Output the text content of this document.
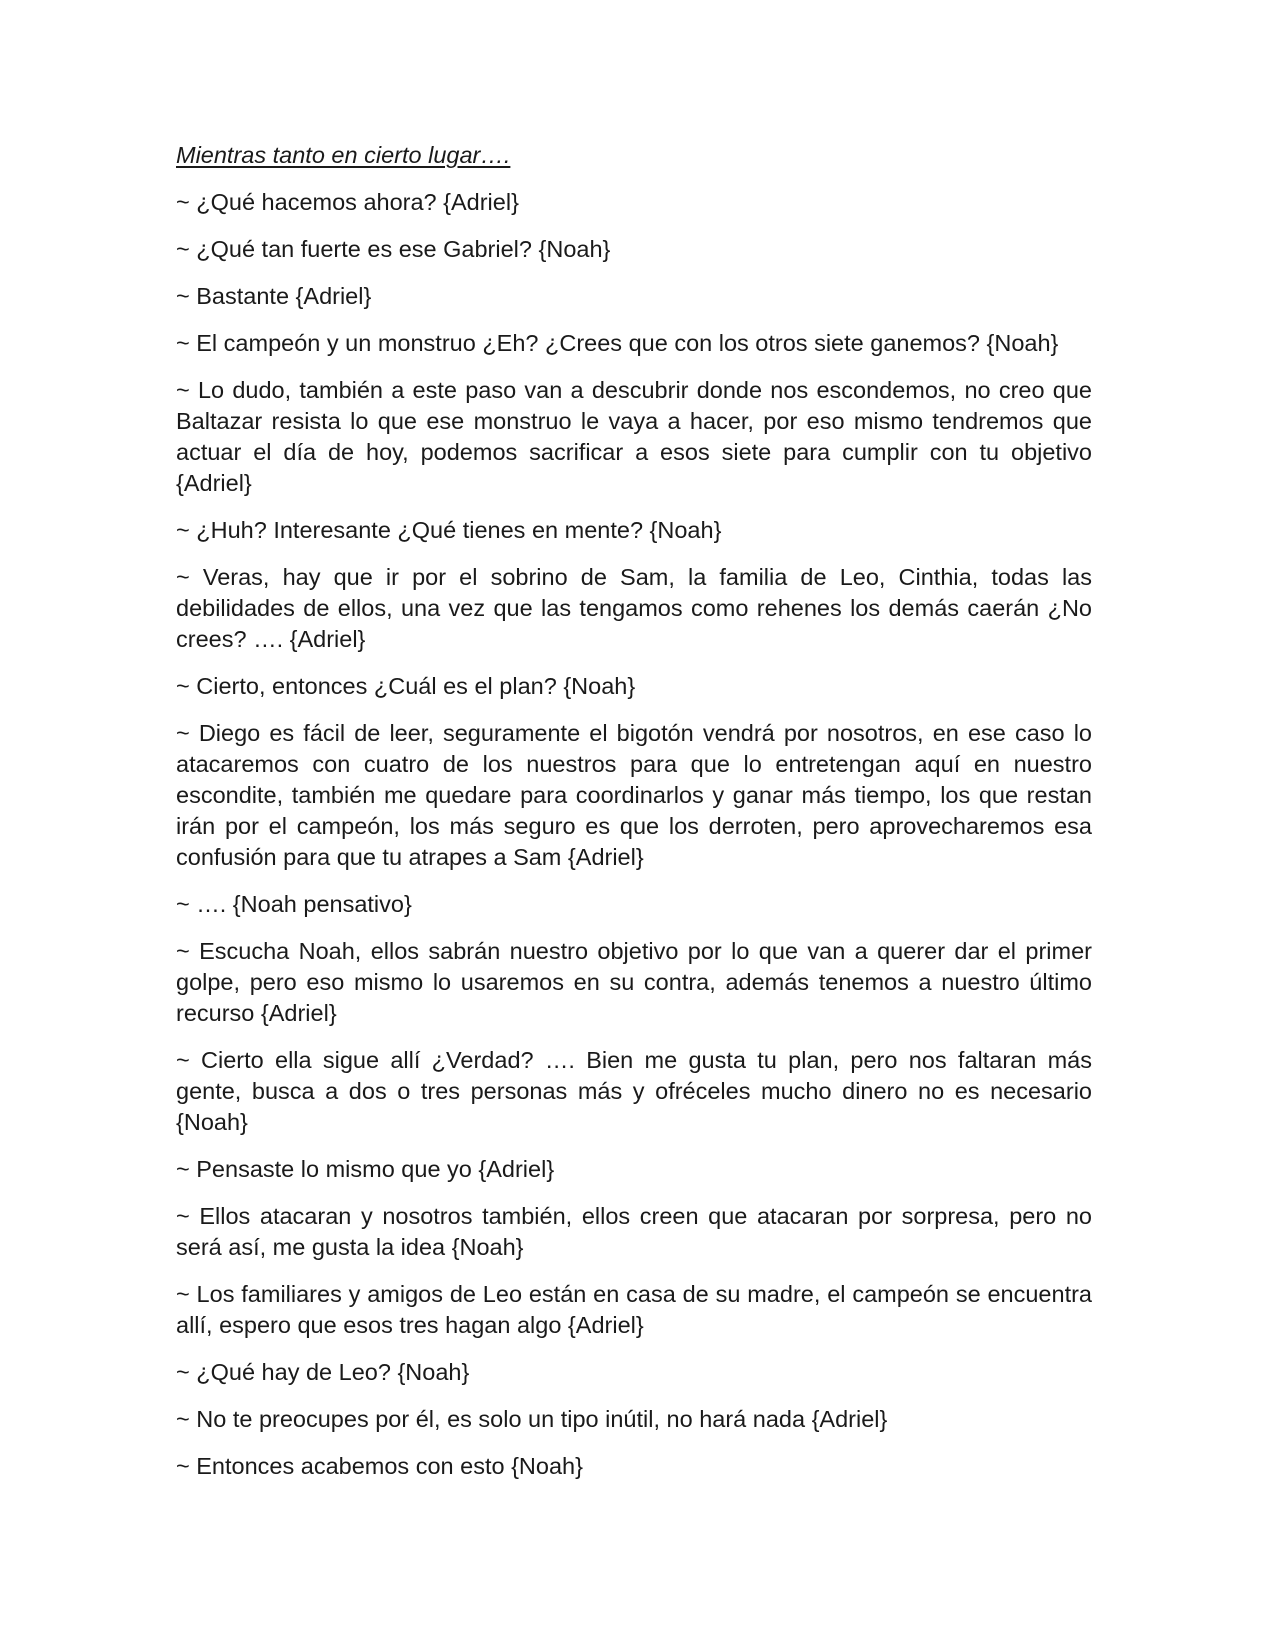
Mientras tanto en cierto lugar….

~ ¿Qué hacemos ahora? {Adriel}

~ ¿Qué tan fuerte es ese Gabriel? {Noah}

~ Bastante {Adriel}

~ El campeón y un monstruo ¿Eh? ¿Crees que con los otros siete ganemos? {Noah}

~ Lo dudo, también a este paso van a descubrir donde nos escondemos, no creo que Baltazar resista lo que ese monstruo le vaya a hacer, por eso mismo tendremos que actuar el día de hoy, podemos sacrificar a esos siete para cumplir con tu objetivo {Adriel}

~ ¿Huh? Interesante ¿Qué tienes en mente? {Noah}

~ Veras, hay que ir por el sobrino de Sam, la familia de Leo, Cinthia, todas las debilidades de ellos, una vez que las tengamos como rehenes los demás caerán ¿No crees? …. {Adriel}

~ Cierto, entonces ¿Cuál es el plan? {Noah}

~ Diego es fácil de leer, seguramente el bigotón vendrá por nosotros, en ese caso lo atacaremos con cuatro de los nuestros para que lo entretengan aquí en nuestro escondite, también me quedare para coordinarlos y ganar más tiempo, los que restan irán por el campeón, los más seguro es que los derroten, pero aprovecharemos esa confusión para que tu atrapes a Sam {Adriel}

~ …. {Noah pensativo}

~ Escucha Noah, ellos sabrán nuestro objetivo por lo que van a querer dar el primer golpe, pero eso mismo lo usaremos en su contra, además tenemos a nuestro último recurso {Adriel}

~ Cierto ella sigue allí ¿Verdad? …. Bien me gusta tu plan, pero nos faltaran más gente, busca a dos o tres personas más y ofréceles mucho dinero no es necesario {Noah}

~ Pensaste lo mismo que yo {Adriel}

~ Ellos atacaran y nosotros también, ellos creen que atacaran por sorpresa, pero no será así, me gusta la idea {Noah}

~ Los familiares y amigos de Leo están en casa de su madre, el campeón se encuentra allí, espero que esos tres hagan algo {Adriel}

~ ¿Qué hay de Leo? {Noah}

~ No te preocupes por él, es solo un tipo inútil, no hará nada {Adriel}

~ Entonces acabemos con esto {Noah}
